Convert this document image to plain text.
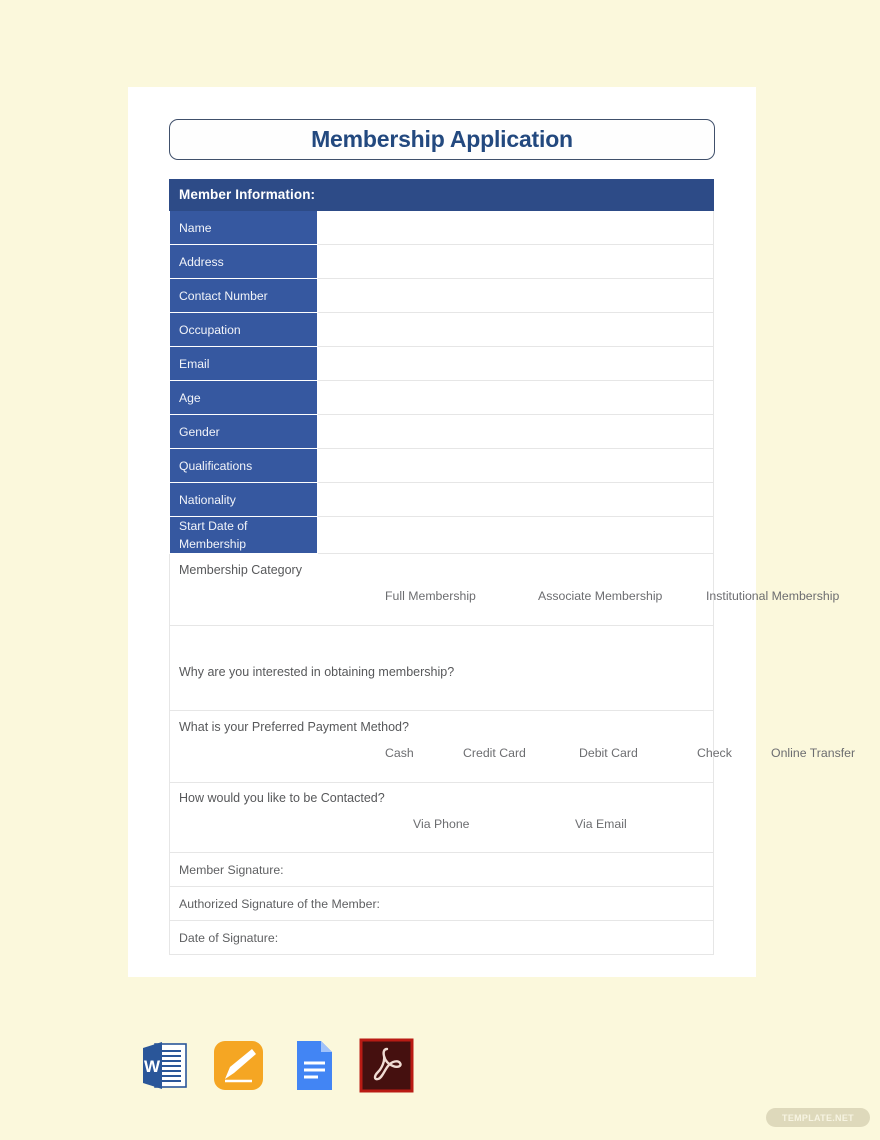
Membership Application
Member Information:	
Name	
Address	
Contact Number	
Occupation	
Email	
Age	
Gender	
Qualifications	
Nationality	
Start Date of Membership	

Membership Category
Full Membership Associate Membership Institutional Membership	

Why are you interested in obtaining membership?	

What is your Preferred Payment Method?
Cash	Credit Card	Debit Card	Check	Online Transfer

How would you like to be Contacted?
Via Phone Via Email	

Member Signature:	
Authorized Signature of the Member:	
Date of Signature:	
W
TEMPLATE.NET
